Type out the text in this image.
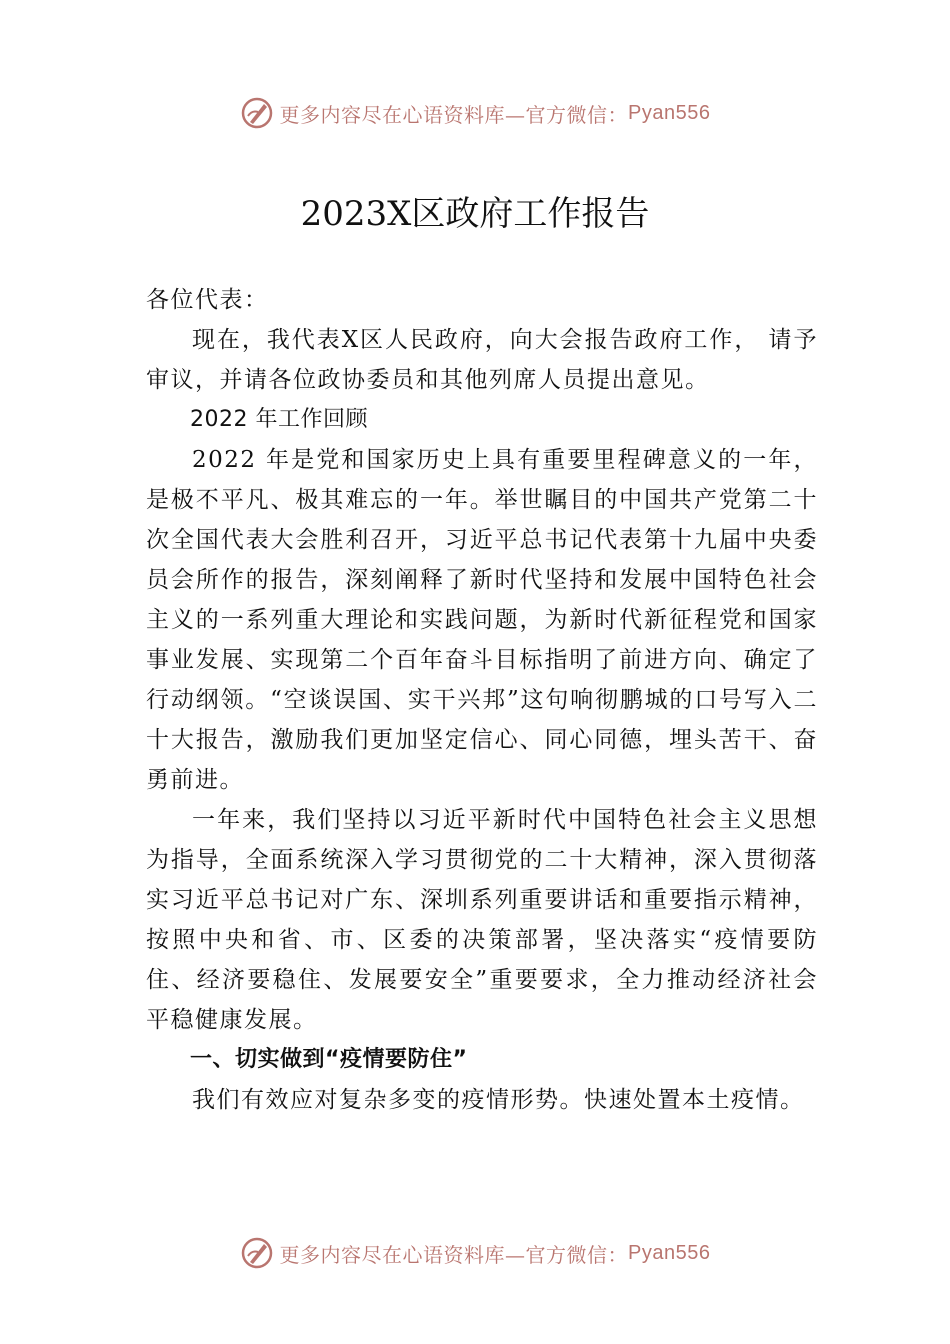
更多内容尽在心语资料库—官方微信： Pyan556
2023X区政府工作报告

各位代表：

现在，我代表X区人民政府，向大会报告政府工作， 请予审议，并请各位政协委员和其他列席人员提出意见。

2022 年工作回顾

2022 年是党和国家历史上具有重要里程碑意义的一年，是极不平凡、极其难忘的一年。举世瞩目的中国共产党第二十次全国代表大会胜利召开，习近平总书记代表第十九届中央委员会所作的报告，深刻阐释了新时代坚持和发展中国特色社会主义的一系列重大理论和实践问题，为新时代新征程党和国家事业发展、实现第二个百年奋斗目标指明了前进方向、确定了行动纲领。“空谈误国、实干兴邦”这句响彻鹏城的口号写入二十大报告，激励我们更加坚定信心、同心同德，埋头苦干、奋勇前进。

一年来，我们坚持以习近平新时代中国特色社会主义思想为指导，全面系统深入学习贯彻党的二十大精神，深入贯彻落实习近平总书记对广东、深圳系列重要讲话和重要指示精神，按照中央和省、市、区委的决策部署，坚决落实“疫情要防住、经济要稳住、发展要安全”重要要求，全力推动经济社会平稳健康发展。

一、切实做到“疫情要防住”

我们有效应对复杂多变的疫情形势。快速处置本土疫情。

更多内容尽在心语资料库—官方微信： Pyan556
